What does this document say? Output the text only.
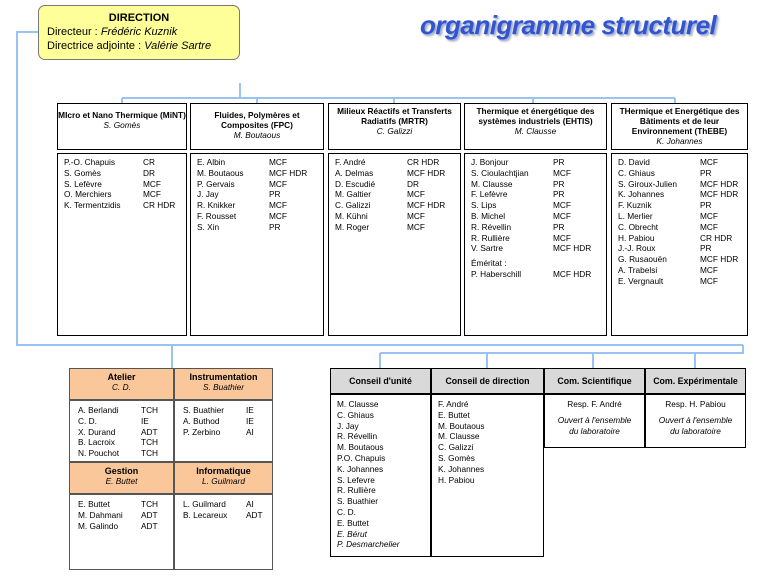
DIRECTION
Directeur : Frédéric Kuznik
Directrice adjointe : Valérie Sartre
organigramme structurel
MIcro et Nano Thermique (MiNT)
S. Gomès
P.-O. Chapuis	CR
S. Gomès	DR
S. Lefèvre	MCF
O. Merchiers	MCF
K. Termentzidis	CR HDR
Fluides, Polymères et Composites (FPC)
M. Boutaous
E. Albin	MCF
M. Boutaous	MCF HDR
P. Gervais	MCF
J. Jay	PR
R. Knikker	MCF
F. Rousset	MCF
S. Xin	PR
Milieux Réactifs et Transferts Radiatifs (MRTR)
C. Galizzi
F. André	CR HDR
A. Delmas	MCF HDR
D. Escudié	DR
M. Galtier	MCF
C. Galizzi	MCF HDR
M. Kühni	MCF
M. Roger	MCF
Thermique et énergétique des systèmes industriels (EHTIS)
M. Clausse
J. Bonjour	PR
S. Cioulachtjian	MCF
M. Clausse	PR
F. Lefèvre	PR
S. Lips	MCF
B. Michel	MCF
R. Révellin	PR
R. Rullière	MCF
V. Sartre	MCF HDR
Éméritat :
P. Haberschill	MCF HDR
THermique et Energétique des Bâtiments et de leur Environnement (ThEBE)
K. Johannes
D. David	MCF
C. Ghiaus	PR
S. Giroux-Julien	MCF HDR
K. Johannes	MCF HDR
F. Kuznik	PR
L. Merlier	MCF
C. Obrecht	MCF
H. Pabiou	CR HDR
J.-J. Roux	PR
G. Rusaouën	MCF HDR
A. Trabelsi	MCF
E. Vergnault	MCF
Atelier
C. D.
A. Berlandi	TCH
C. D.	IE
X. Durand	ADT
B. Lacroix	TCH
N. Pouchot	TCH
Instrumentation
S. Buathier
S. Buathier	IE
A. Buthod	IE
P. Zerbino	AI
Gestion
E. Buttet
E. Buttet	TCH
M. Dahmani ADT
M. Galindo	ADT
Informatique
L. Guilmard
L. Guilmard AI
B. Lecareux ADT
Conseil d'unité
M. Clausse
C. Ghiaus
J. Jay
R. Révellin
M. Boutaous
P.O. Chapuis
K. Johannes
S. Lefevre
R. Rullière
S. Buathier
C. D.
E. Buttet
E. Bérut
P. Desmarchelier
Conseil de direction
F. André
E. Buttet
M. Boutaous
M. Clausse
C. Galizzi
S. Gomès
K. Johannes
H. Pabiou
Com. Scientifique
Resp. F. André
Ouvert à l'ensemble du laboratoire
Com. Expérimentale
Resp. H. Pabiou
Ouvert à l'ensemble du laboratoire
